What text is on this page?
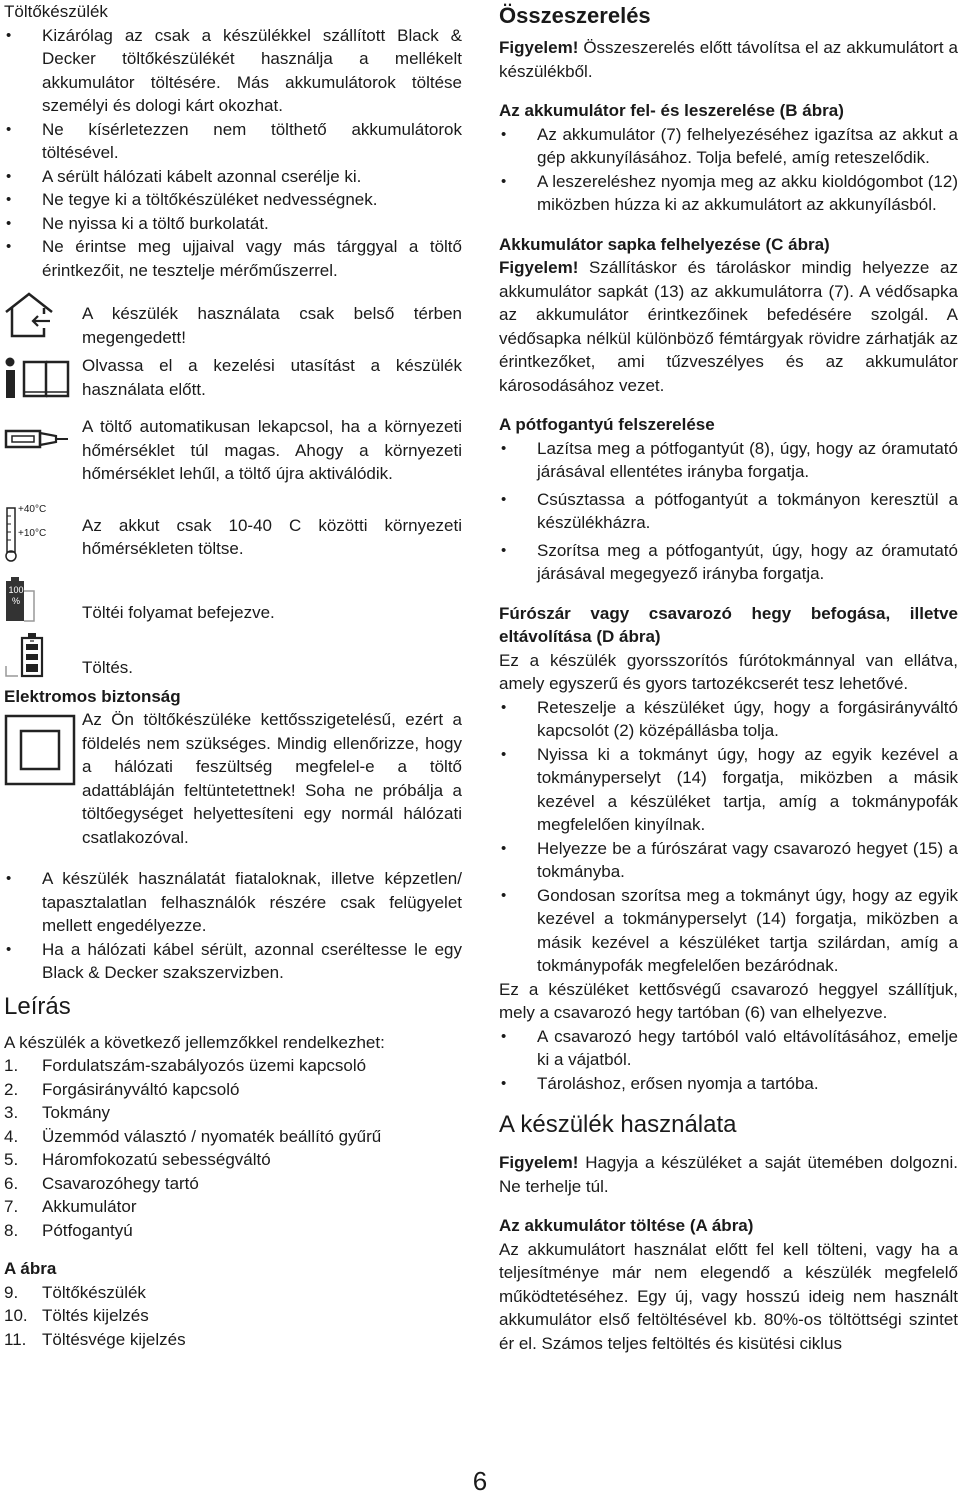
Töltőkészülék
• Kizárólag az csak a készülékkel szállított Black & Decker töltőkészülékét használja a mellékelt akkumulátor töltésére. Más akkumulátorok töltése személyi és dologi kárt okozhat.
• Ne kísérletezzen nem tölthető akkumulátorok töltésével.
• A sérült hálózati kábelt azonnal cserélje ki.
• Ne tegye ki a töltőkészüléket nedvességnek.
• Ne nyissa ki a töltő burkolatát.
• Ne érintse meg ujjaival vagy más tárggyal a töltő érintkezőit, ne tesztelje mérőműszerrel.

A készülék használata csak belső térben megengedett!

Olvassa el a kezelési utasítást a készülék használata előtt.

A töltő automatikusan lekapcsol, ha a környezeti hőmérséklet túl magas. Ahogy a környezeti hőmérséklet lehűl, a töltő újra aktiválódik.

+40°C
+10°C Az akkut csak 10-40 C közötti környezeti hőmérsékleten töltse.

100 %

Töltéi folyamat befejezve.

Töltés.

Elektromos biztonság

Az Ön töltőkészüléke kettősszigetelésű, ezért a földelés nem szükséges. Mindig ellenőrizze, hogy a hálózati feszültség megfelel-e a töltő adattábláján feltüntetettnek! Soha ne próbálja a töltőegységet helyettesíteni egy normál hálózati csatlakozóval.

• A készülék használatát fiataloknak, illetve képzetlen/ tapasztalatlan felhasználók részére csak felügyelet mellett engedélyezze.
• Ha a hálózati kábel sérült, azonnal cseréltesse le egy Black & Decker szakszervizben.
Leírás

A készülék a következő jellemzőkkel rendelkezhet:

1. Fordulatszám-szabályozós üzemi kapcsoló
2. Forgásirányváltó kapcsoló
3. Tokmány
4. Üzemmód választó / nyomaték beállító gyűrű
5. Háromfokozatú sebességváltó
6. Csavarozóhegy tartó
7. Akkumulátor
8. Pótfogantyú
A ábra
9. Töltőkészülék
10. Töltés kijelzés
11. Töltésvége kijelzés
Összeszerelés

Figyelem! Összeszerelés előtt távolítsa el az akkumulátort a készülékből.

Az akkumulátor fel- és leszerelése (B ábra)
• Az akkumulátor (7) felhelyezéséhez igazítsa az akkut a gép akkunyílásához. Tolja befelé, amíg reteszelődik.
• A leszereléshez nyomja meg az akku kioldógombot (12) miközben húzza ki az akkumulátort az akkunyílásból.
Akkumulátor sapka felhelyezése (C ábra)

Figyelem! Szállításkor és tároláskor mindig helyezze az akkumulátor sapkát (13) az akkumulátorra (7). A védősapka az akkumulátor érintkezőinek befedésére szolgál. A védősapka nélkül különböző fémtárgyak rövidre zárhatják az érintkezőket, ami tűzveszélyes és az akkumulátor károsodásához vezet.

A pótfogantyú felszerelése
• Lazítsa meg a pótfogantyút (8), úgy, hogy az óramutató járásával ellentétes irányba forgatja.
• Csúsztassa a pótfogantyút a tokmányon keresztül a készülékházra.
• Szorítsa meg a pótfogantyút, úgy, hogy az óramutató járásával megegyező irányba forgatja.
Fúrószár vagy csavarozó hegy befogása, illetve eltávolítása (D ábra)

Ez a készülék gyorsszorítós fúrótokmánnyal van ellátva, amely egyszerű és gyors tartozékcserét tesz lehetővé.

• Reteszelje a készüléket úgy, hogy a forgásirányváltó kapcsolót (2) középállásba tolja.
• Nyissa ki a tokmányt úgy, hogy az egyik kezével a tokmányperselyt (14) forgatja, miközben a másik kezével a készüléket tartja, amíg a tokmánypofák megfelelően kinyílnak.
• Helyezze be a fúrószárat vagy csavarozó hegyet (15) a tokmányba.
• Gondosan szorítsa meg a tokmányt úgy, hogy az egyik kezével a tokmányperselyt (14) forgatja, miközben a másik kezével a készüléket tartja szilárdan, amíg a tokmánypofák megfelelően bezáródnak.

Ez a készüléket kettősvégű csavarozó heggyel szállítjuk, mely a csavarozó hegy tartóban (6) van elhelyezve.

• A csavarozó hegy tartóból való eltávolításához, emelje ki a vájatból.
• Tároláshoz, erősen nyomja a tartóba.
A készülék használata

Figyelem! Hagyja a készüléket a saját ütemében dolgozni. Ne terhelje túl.

Az akkumulátor töltése (A ábra)

Az akkumulátort használat előtt fel kell tölteni, vagy ha a teljesítménye már nem elegendő a készülék megfelelő működtetéséhez. Egy új, vagy hosszú ideig nem használt akkumulátor első feltöltésével kb. 80%-os töltöttségi szintet ér el. Számos teljes feltöltés és kisütési ciklus

6
